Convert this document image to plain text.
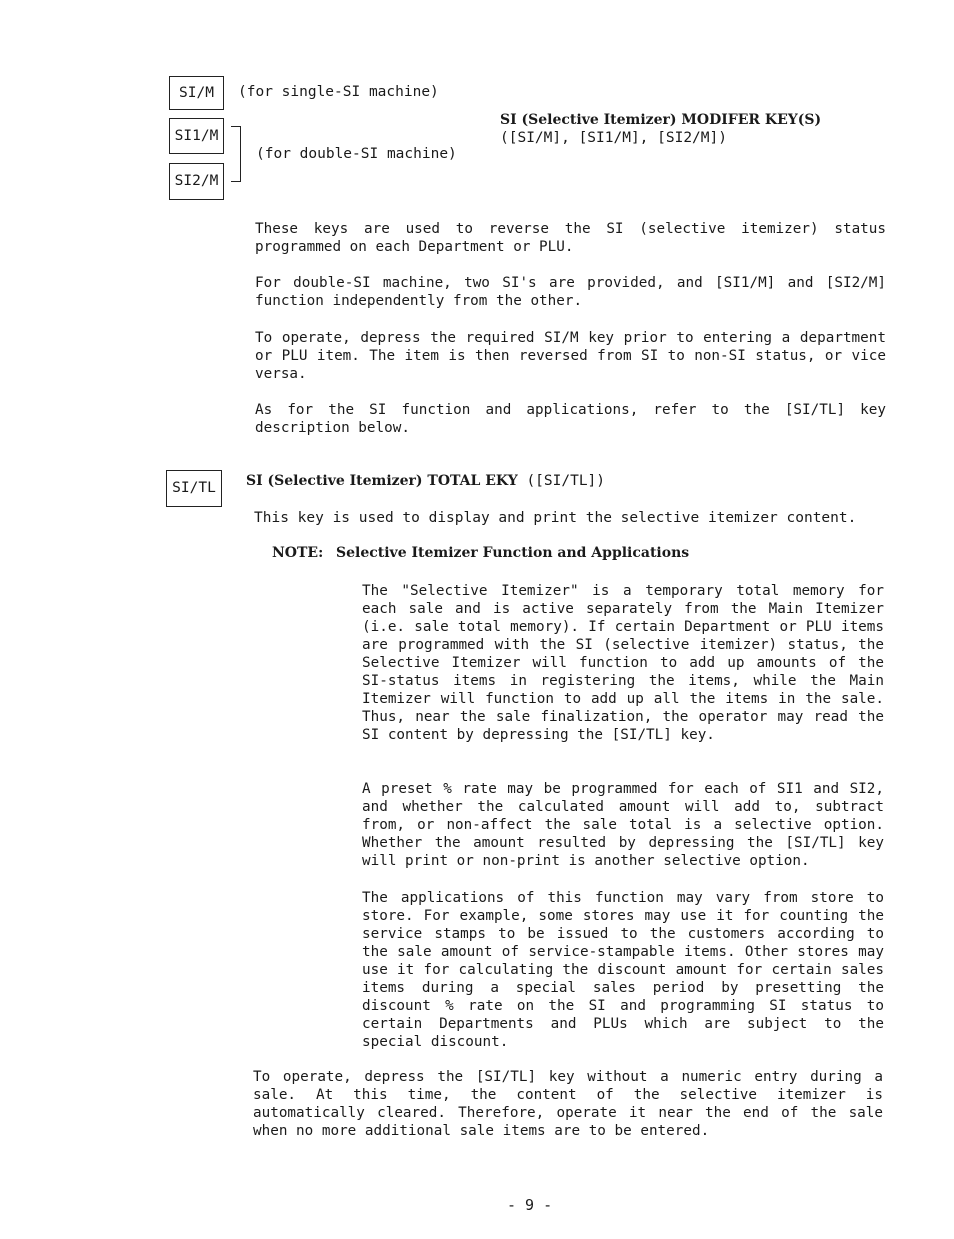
SI/M	(for single-SI machine)
SI1/M
SI2/M
(for double-SI machine)
SI (Selective Itemizer) MODIFER KEY(S)
([SI/M], [SI1/M], [SI2/M])

These keys are used to reverse the SI (selective itemizer) status programmed on each Department or PLU.

For double-SI machine, two SI's are provided, and [SI1/M] and [SI2/M] function independently from the other.

To operate, depress the required SI/M key prior to entering a department or PLU item. The item is then reversed from SI to non-SI status, or vice versa.

As for the SI function and applications, refer to the [SI/TL] key description below.

SI/TL	SI (Selective Itemizer) TOTAL EKY ([SI/TL])
This key is used to display and print the selective itemizer content.
NOTE: Selective Itemizer Function and Applications

The "Selective Itemizer" is a temporary total memory for each sale and is active separately from the Main Itemizer (i.e. sale total memory). If certain Department or PLU items are programmed with the SI (selective itemizer) status, the Selective Itemizer will function to add up amounts of the SI-status items in registering the items, while the Main Itemizer will function to add up all the items in the sale. Thus, near the sale finalization, the operator may read the SI content by depressing the [SI/TL] key.

A preset % rate may be programmed for each of SI1 and SI2, and whether the calculated amount will add to, subtract from, or non-affect the sale total is a selective option. Whether the amount resulted by depressing the [SI/TL] key will print or non-print is another selective option.

The applications of this function may vary from store to store. For example, some stores may use it for counting the service stamps to be issued to the customers according to the sale amount of service-stampable items. Other stores may use it for calculating the discount amount for certain sales items during a special sales period by presetting the discount % rate on the SI and programming SI status to certain Departments and PLUs which are subject to the special discount.

To operate, depress the [SI/TL] key without a numeric entry during a sale. At this time, the content of the selective itemizer is automatically cleared. Therefore, operate it near the end of the sale when no more additional sale items are to be entered.

- 9 -
